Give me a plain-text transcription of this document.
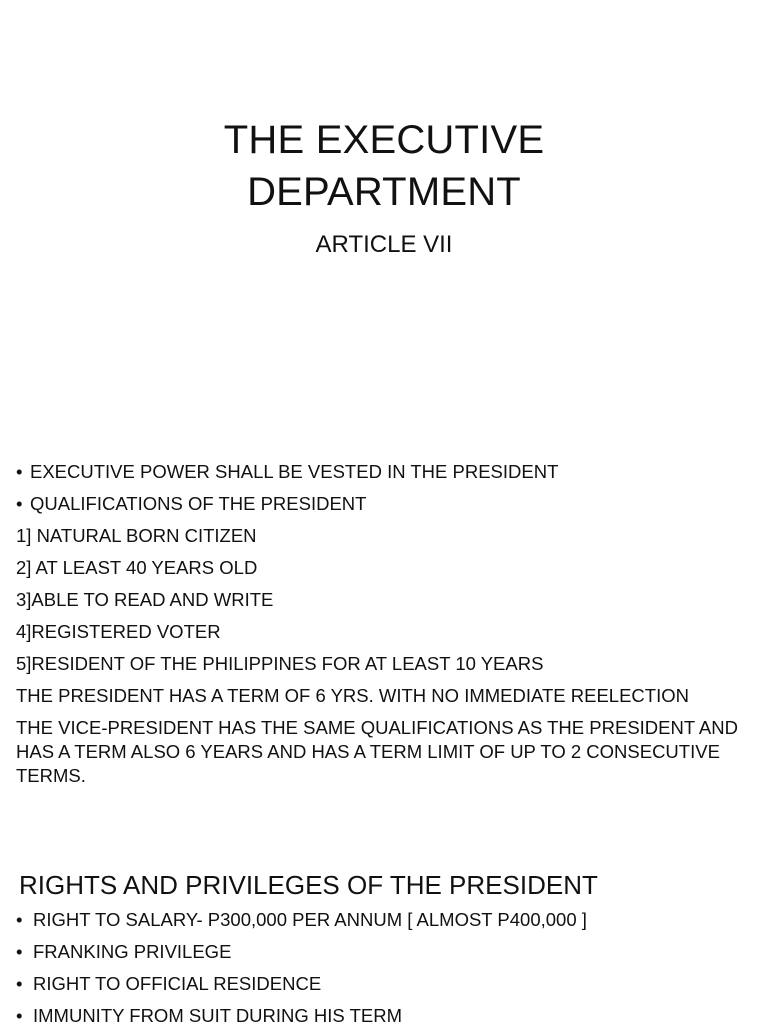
THE EXECUTIVE
DEPARTMENT
ARTICLE VII
• EXECUTIVE POWER SHALL BE VESTED IN THE PRESIDENT
• QUALIFICATIONS OF THE PRESIDENT
1] NATURAL BORN CITIZEN
2] AT LEAST 40 YEARS OLD
3]ABLE TO READ AND WRITE
4]REGISTERED VOTER
5]RESIDENT OF THE PHILIPPINES FOR AT LEAST 10 YEARS
THE PRESIDENT HAS A TERM OF 6 YRS. WITH NO IMMEDIATE REELECTION
THE VICE-PRESIDENT HAS THE SAME QUALIFICATIONS AS THE PRESIDENT AND HAS A TERM ALSO 6 YEARS AND HAS A TERM LIMIT OF UP TO 2 CONSECUTIVE TERMS.
RIGHTS AND PRIVILEGES OF THE PRESIDENT
• RIGHT TO SALARY- P300,000 PER ANNUM [ ALMOST P400,000 ]
• FRANKING PRIVILEGE
• RIGHT TO OFFICIAL RESIDENCE
• IMMUNITY FROM SUIT DURING HIS TERM
